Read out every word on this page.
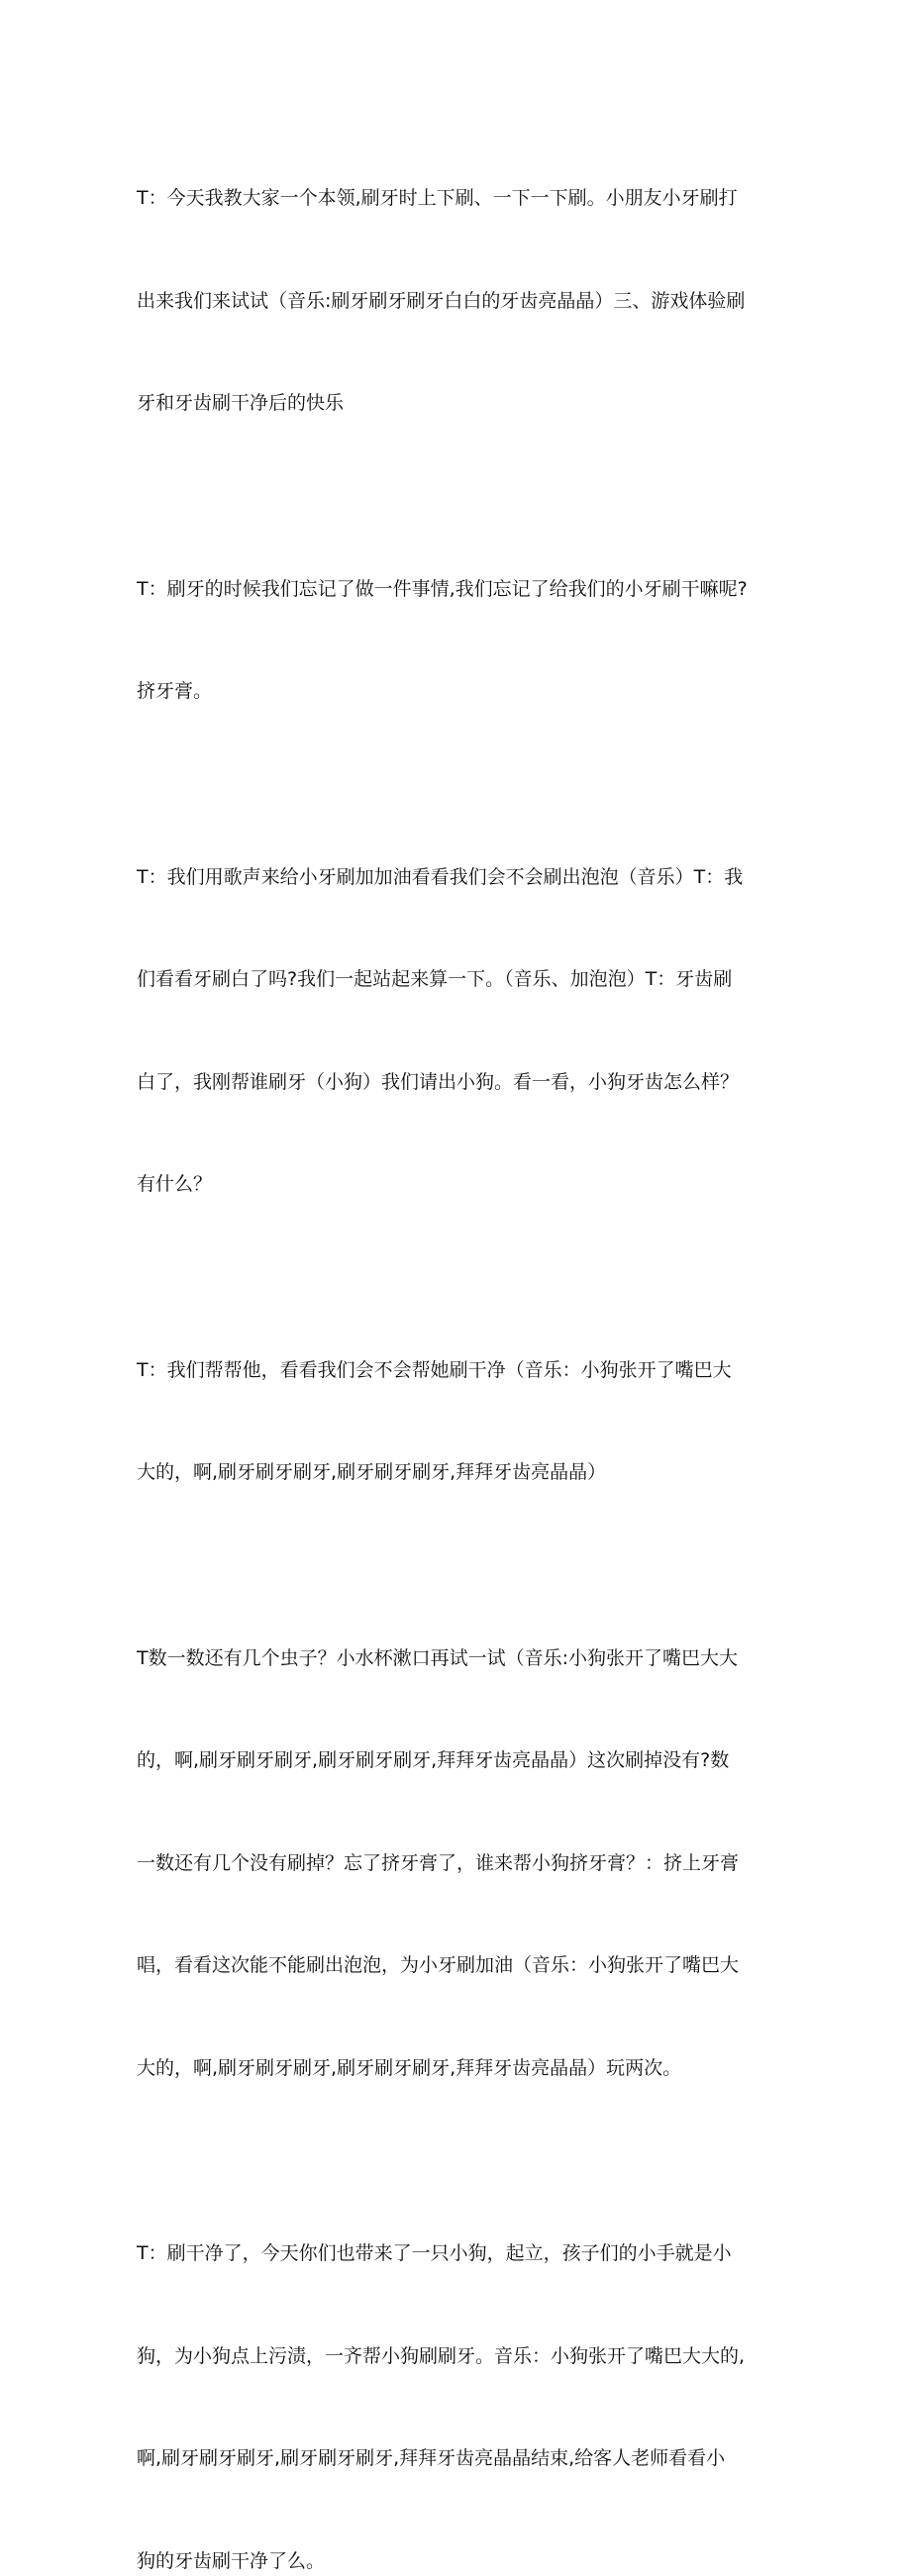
T：今天我教大家一个本领,刷牙时上下刷、一下一下刷。小朋友小牙刷打

出来我们来试试（音乐:刷牙刷牙刷牙白白的牙齿亮晶晶）三、游戏体验刷

牙和牙齿刷干净后的快乐

T：刷牙的时候我们忘记了做一件事情,我们忘记了给我们的小牙刷干嘛呢?

挤牙膏。

T：我们用歌声来给小牙刷加加油看看我们会不会刷出泡泡（音乐）T：我

们看看牙刷白了吗?我们一起站起来算一下。（音乐、加泡泡）T：牙齿刷

白了，我刚帮谁刷牙（小狗）我们请出小狗。看一看，小狗牙齿怎么样？

有什么？

T：我们帮帮他，看看我们会不会帮她刷干净（音乐：小狗张开了嘴巴大

大的，啊,刷牙刷牙刷牙,刷牙刷牙刷牙,拜拜牙齿亮晶晶）

T数一数还有几个虫子？小水杯漱口再试一试（音乐:小狗张开了嘴巴大大

的，啊,刷牙刷牙刷牙,刷牙刷牙刷牙,拜拜牙齿亮晶晶）这次刷掉没有?数

一数还有几个没有刷掉？忘了挤牙膏了，谁来帮小狗挤牙膏？：挤上牙膏

唱，看看这次能不能刷出泡泡，为小牙刷加油（音乐：小狗张开了嘴巴大

大的，啊,刷牙刷牙刷牙,刷牙刷牙刷牙,拜拜牙齿亮晶晶）玩两次。

T：刷干净了，今天你们也带来了一只小狗，起立，孩子们的小手就是小

狗，为小狗点上污渍，一齐帮小狗刷刷牙。音乐：小狗张开了嘴巴大大的,

啊,刷牙刷牙刷牙,刷牙刷牙刷牙,拜拜牙齿亮晶晶结束,给客人老师看看小

狗的牙齿刷干净了么。
